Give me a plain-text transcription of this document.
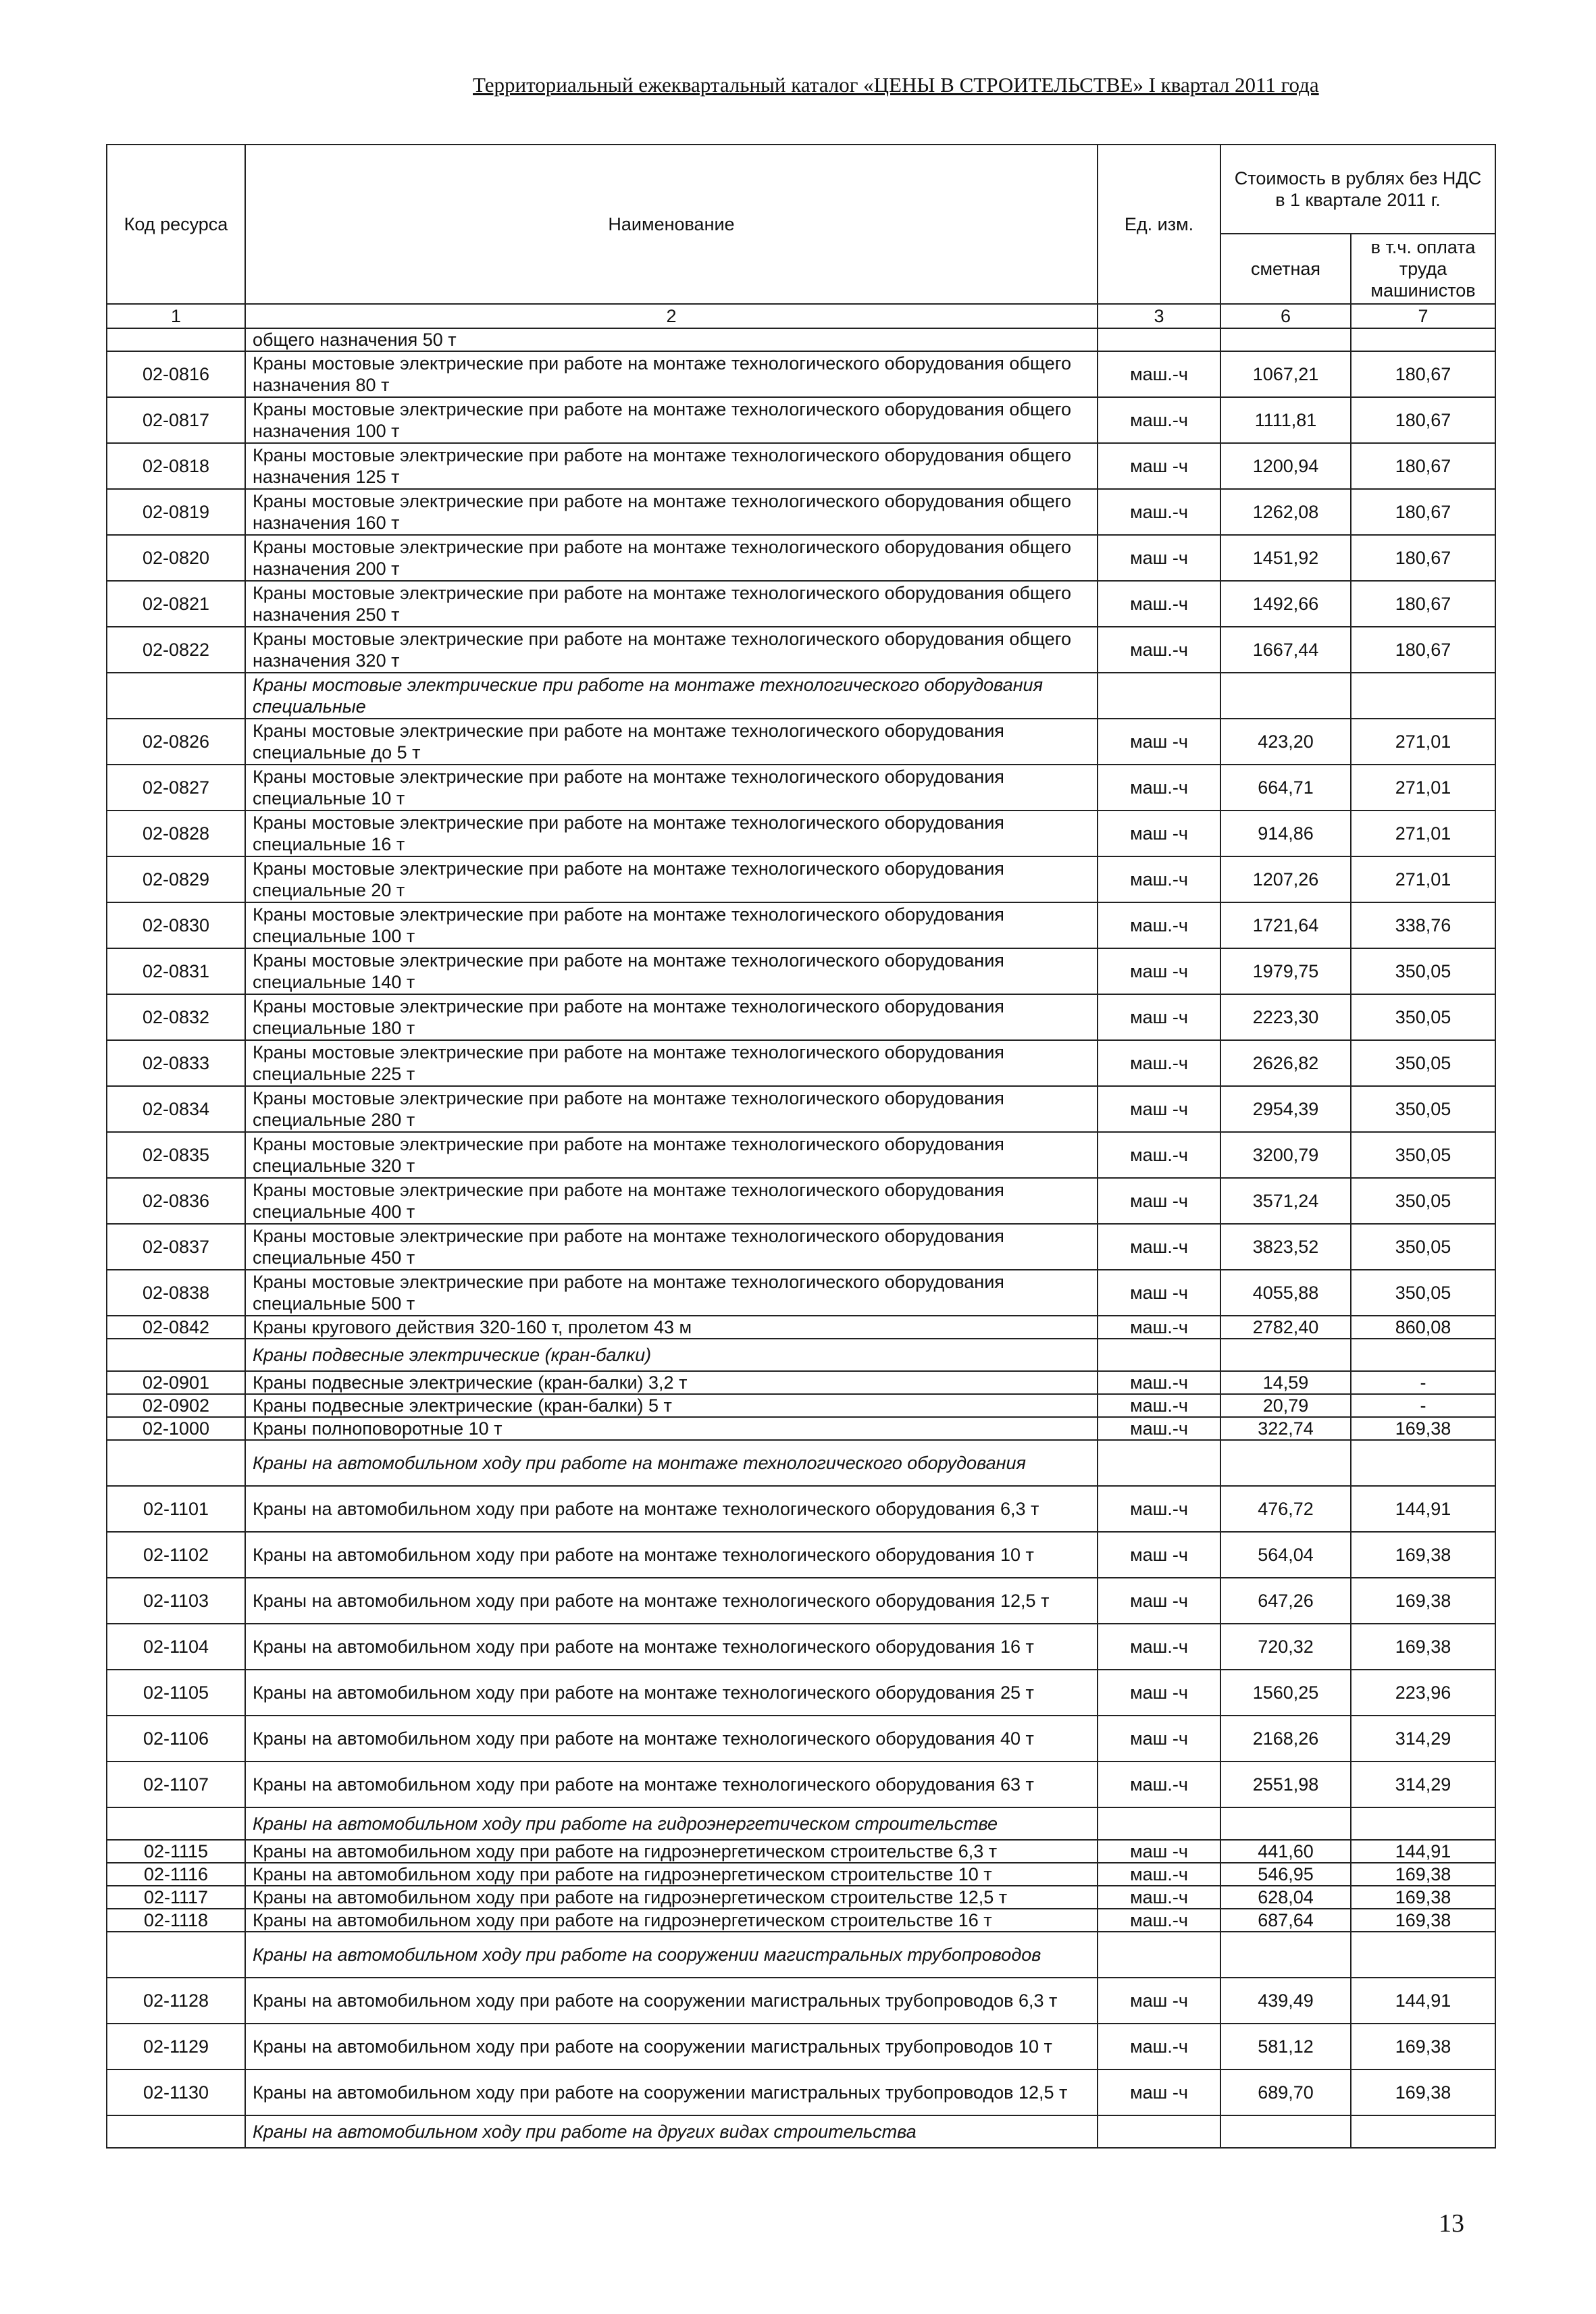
Территориальный ежеквартальный каталог «ЦЕНЫ В СТРОИТЕЛЬСТВЕ» I квартал 2011 года
Код ресурса	Наименование	Ед. изм.	Стоимость в рублях без НДС в 1 квартале 2011 г.	
			сметная	в т.ч. оплата труда машинистов
1	2	3	6	7
	общего назначения 50 т			
02-0816	Краны мостовые электрические при работе на монтаже технологического оборудования общего назначения 80 т	маш.-ч	1067,21	180,67
02-0817	Краны мостовые электрические при работе на монтаже технологического оборудования общего назначения 100 т	маш.-ч	1111,81	180,67
02-0818	Краны мостовые электрические при работе на монтаже технологического оборудования общего назначения 125 т	маш -ч	1200,94	180,67
02-0819	Краны мостовые электрические при работе на монтаже технологического оборудования общего назначения 160 т	маш.-ч	1262,08	180,67
02-0820	Краны мостовые электрические при работе на монтаже технологического оборудования общего назначения 200 т	маш -ч	1451,92	180,67
02-0821	Краны мостовые электрические при работе на монтаже технологического оборудования общего назначения 250 т	маш.-ч	1492,66	180,67
02-0822	Краны мостовые электрические при работе на монтаже технологического оборудования общего назначения 320 т	маш.-ч	1667,44	180,67
	Краны мостовые электрические при работе на монтаже технологического оборудования специальные			
02-0826	Краны мостовые электрические при работе на монтаже технологического оборудования специальные до 5 т	маш -ч	423,20	271,01
02-0827	Краны мостовые электрические при работе на монтаже технологического оборудования специальные 10 т	маш.-ч	664,71	271,01
02-0828	Краны мостовые электрические при работе на монтаже технологического оборудования специальные 16 т	маш -ч	914,86	271,01
02-0829	Краны мостовые электрические при работе на монтаже технологического оборудования специальные 20 т	маш.-ч	1207,26	271,01
02-0830	Краны мостовые электрические при работе на монтаже технологического оборудования специальные 100 т	маш.-ч	1721,64	338,76
02-0831	Краны мостовые электрические при работе на монтаже технологического оборудования специальные 140 т	маш -ч	1979,75	350,05
02-0832	Краны мостовые электрические при работе на монтаже технологического оборудования специальные 180 т	маш -ч	2223,30	350,05
02-0833	Краны мостовые электрические при работе на монтаже технологического оборудования специальные 225 т	маш.-ч	2626,82	350,05
02-0834	Краны мостовые электрические при работе на монтаже технологического оборудования специальные 280 т	маш -ч	2954,39	350,05
02-0835	Краны мостовые электрические при работе на монтаже технологического оборудования специальные 320 т	маш.-ч	3200,79	350,05
02-0836	Краны мостовые электрические при работе на монтаже технологического оборудования специальные 400 т	маш -ч	3571,24	350,05
02-0837	Краны мостовые электрические при работе на монтаже технологического оборудования специальные 450 т	маш.-ч	3823,52	350,05
02-0838	Краны мостовые электрические при работе на монтаже технологического оборудования специальные 500 т	маш -ч	4055,88	350,05
02-0842	Краны кругового действия 320-160 т, пролетом 43 м	маш.-ч	2782,40	860,08
	Краны подвесные электрические (кран-балки)			
02-0901	Краны подвесные электрические (кран-балки) 3,2 т	маш.-ч	14,59	-
02-0902	Краны подвесные электрические (кран-балки) 5 т	маш.-ч	20,79	-
02-1000	Краны полноповоротные 10 т	маш.-ч	322,74	169,38
	Краны на автомобильном ходу при работе на монтаже технологического оборудования			
02-1101	Краны на автомобильном ходу при работе на монтаже технологического оборудования 6,3 т	маш.-ч	476,72	144,91
02-1102	Краны на автомобильном ходу при работе на монтаже технологического оборудования 10 т	маш -ч	564,04	169,38
02-1103	Краны на автомобильном ходу при работе на монтаже технологического оборудования 12,5 т	маш -ч	647,26	169,38
02-1104	Краны на автомобильном ходу при работе на монтаже технологического оборудования 16 т	маш.-ч	720,32	169,38
02-1105	Краны на автомобильном ходу при работе на монтаже технологического оборудования 25 т	маш -ч	1560,25	223,96
02-1106	Краны на автомобильном ходу при работе на монтаже технологического оборудования 40 т	маш -ч	2168,26	314,29
02-1107	Краны на автомобильном ходу при работе на монтаже технологического оборудования 63 т	маш.-ч	2551,98	314,29
	Краны на автомобильном ходу при работе на гидроэнергетическом строительстве			
02-1115	Краны на автомобильном ходу при работе на гидроэнергетическом строительстве 6,3 т	маш -ч	441,60	144,91
02-1116	Краны на автомобильном ходу при работе на гидроэнергетическом строительстве 10 т	маш.-ч	546,95	169,38
02-1117	Краны на автомобильном ходу при работе на гидроэнергетическом строительстве 12,5 т	маш.-ч	628,04	169,38
02-1118	Краны на автомобильном ходу при работе на гидроэнергетическом строительстве 16 т	маш.-ч	687,64	169,38
	Краны на автомобильном ходу при работе на сооружении магистральных трубопроводов			
02-1128	Краны на автомобильном ходу при работе на сооружении магистральных трубопроводов 6,3 т	маш -ч	439,49	144,91
02-1129	Краны на автомобильном ходу при работе на сооружении магистральных трубопроводов 10 т	маш.-ч	581,12	169,38
02-1130	Краны на автомобильном ходу при работе на сооружении магистральных трубопроводов 12,5 т	маш -ч	689,70	169,38
	Краны на автомобильном ходу при работе на других видах строительства			
13
